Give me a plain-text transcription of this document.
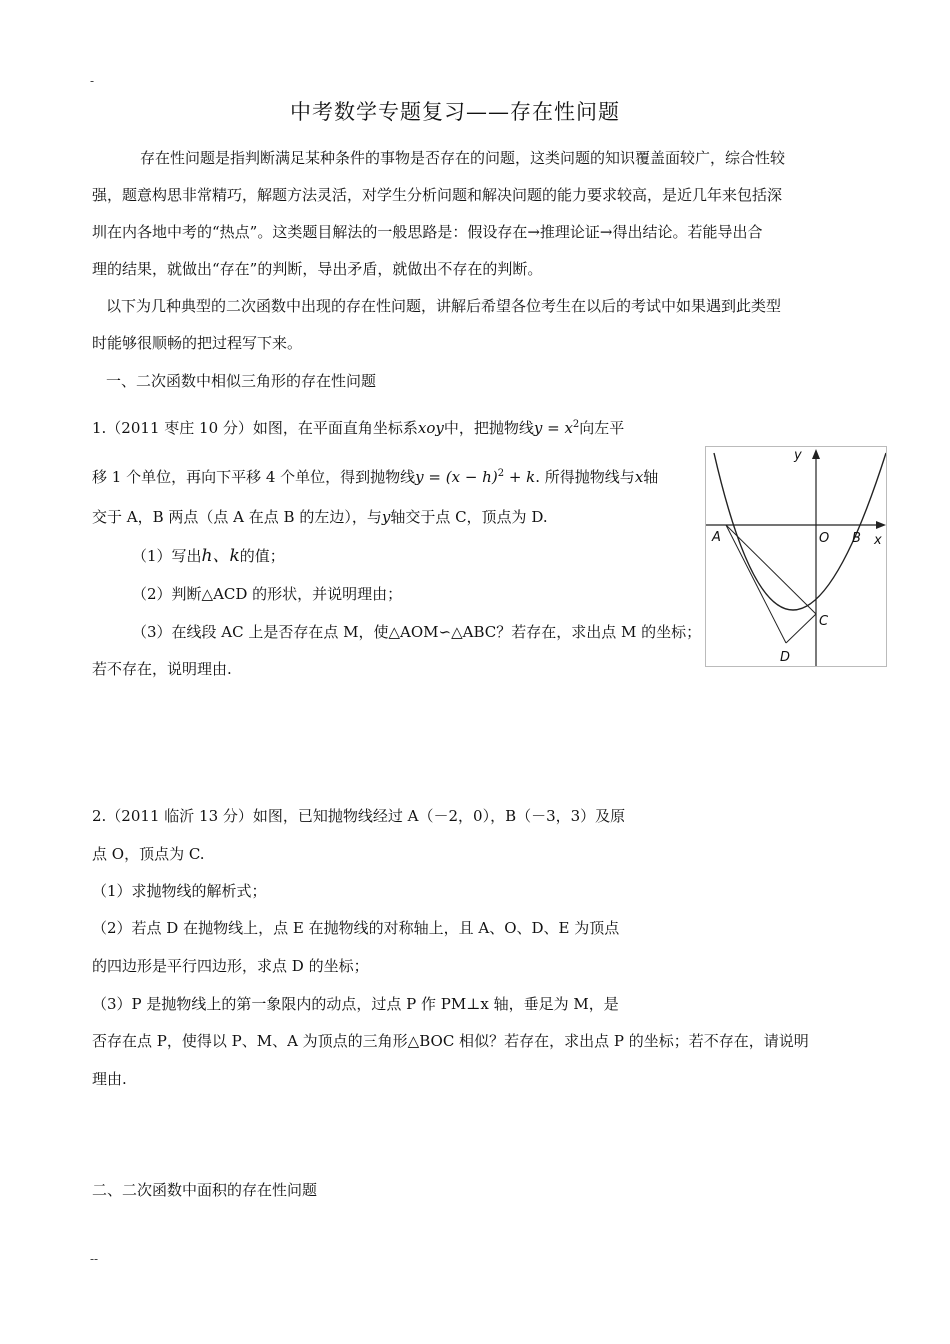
-
中考数学专题复习——存在性问题
存在性问题是指判断满足某种条件的事物是否存在的问题，这类问题的知识覆盖面较广，综合性较
强，题意构思非常精巧，解题方法灵活，对学生分析问题和解决问题的能力要求较高，是近几年来包括深
圳在内各地中考的“热点”。这类题目解法的一般思路是：假设存在→推理论证→得出结论。若能导出合
理的结果，就做出“存在”的判断，导出矛盾，就做出不存在的判断。
以下为几种典型的二次函数中出现的存在性问题，讲解后希望各位考生在以后的考试中如果遇到此类型
时能够很顺畅的把过程写下来。
一、二次函数中相似三角形的存在性问题
1.（2011 枣庄 10 分）如图，在平面直角坐标系xoy中，把抛物线$y = x^2$向左平
移 1 个单位，再向下平移 4 个单位，得到抛物线$y = (x - h)^2 + k$. 所得抛物线与x轴
交于 A，B 两点（点 A 在点 B 的左边），与y轴交于点 C，顶点为 D.
（1）写出h、k的值；
（2）判断△ACD 的形状，并说明理由；
（3）在线段 AC 上是否存在点 M，使△AOM∽△ABC？若存在，求出点 M 的坐标；
若不存在，说明理由.
y
x
A	B
O
C
D
2.（2011 临沂 13 分）如图，已知抛物线经过 A（－2，0），B（－3，3）及原
点 O，顶点为 C.
（1）求抛物线的解析式；
（2）若点 D 在抛物线上，点 E 在抛物线的对称轴上，且 A、O、D、E 为顶点
的四边形是平行四边形，求点 D 的坐标；
（3）P 是抛物线上的第一象限内的动点，过点 P 作 PM⊥x 轴，垂足为 M，是
否存在点 P，使得以 P、M、A 为顶点的三角形△BOC 相似？若存在，求出点 P 的坐标；若不存在，请说明
理由.
二、二次函数中面积的存在性问题
--
